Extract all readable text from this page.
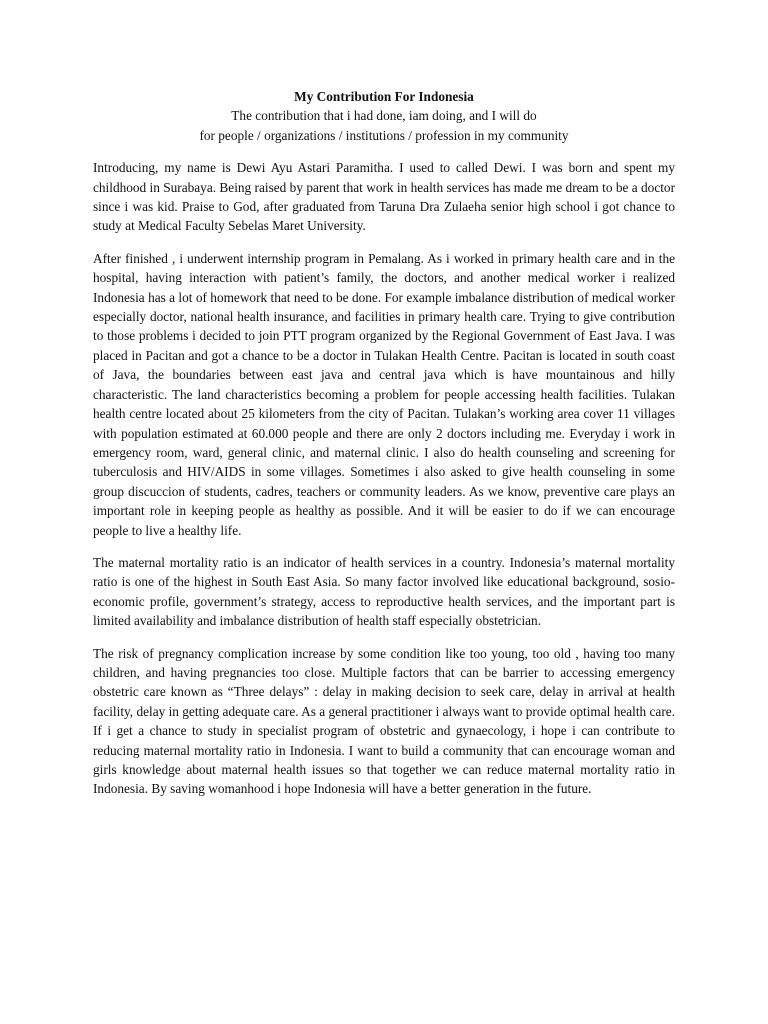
My Contribution For Indonesia

The contribution that i had done, iam doing, and I will do

for people / organizations / institutions / profession in my community

Introducing, my name is Dewi Ayu Astari Paramitha. I used to called Dewi. I was born and spent my childhood in Surabaya. Being raised by parent that work in health services has made me dream to be a doctor since i was kid. Praise to God, after graduated from Taruna Dra Zulaeha senior high school i got chance to study at Medical Faculty Sebelas Maret University.

After finished , i underwent internship program in Pemalang. As i worked in primary health care and in the hospital, having interaction with patient’s family, the doctors, and another medical worker i realized Indonesia has a lot of homework that need to be done. For example imbalance distribution of medical worker especially doctor, national health insurance, and facilities in primary health care. Trying to give contribution to those problems i decided to join PTT program organized by the Regional Government of East Java. I was placed in Pacitan and got a chance to be a doctor in Tulakan Health Centre. Pacitan is located in south coast of Java, the boundaries between east java and central java which is have mountainous and hilly characteristic. The land characteristics becoming a problem for people accessing health facilities. Tulakan health centre located about 25 kilometers from the city of Pacitan. Tulakan’s working area cover 11 villages with population estimated at 60.000 people and there are only 2 doctors including me. Everyday i work in emergency room, ward, general clinic, and maternal clinic. I also do health counseling and screening for tuberculosis and HIV/AIDS in some villages. Sometimes i also asked to give health counseling in some group discuccion of students, cadres, teachers or community leaders. As we know, preventive care plays an important role in keeping people as healthy as possible. And it will be easier to do if we can encourage people to live a healthy life.

The maternal mortality ratio is an indicator of health services in a country. Indonesia’s maternal mortality ratio is one of the highest in South East Asia. So many factor involved like educational background, sosio-economic profile, government’s strategy, access to reproductive health services, and the important part is limited availability and imbalance distribution of health staff especially obstetrician.

The risk of pregnancy complication increase by some condition like too young, too old , having too many children, and having pregnancies too close. Multiple factors that can be barrier to accessing emergency obstetric care known as “Three delays” : delay in making decision to seek care, delay in arrival at health facility, delay in getting adequate care. As a general practitioner i always want to provide optimal health care. If i get a chance to study in specialist program of obstetric and gynaecology, i hope i can contribute to reducing maternal mortality ratio in Indonesia. I want to build a community that can encourage woman and girls knowledge about maternal health issues so that together we can reduce maternal mortality ratio in Indonesia. By saving womanhood i hope Indonesia will have a better generation in the future.
